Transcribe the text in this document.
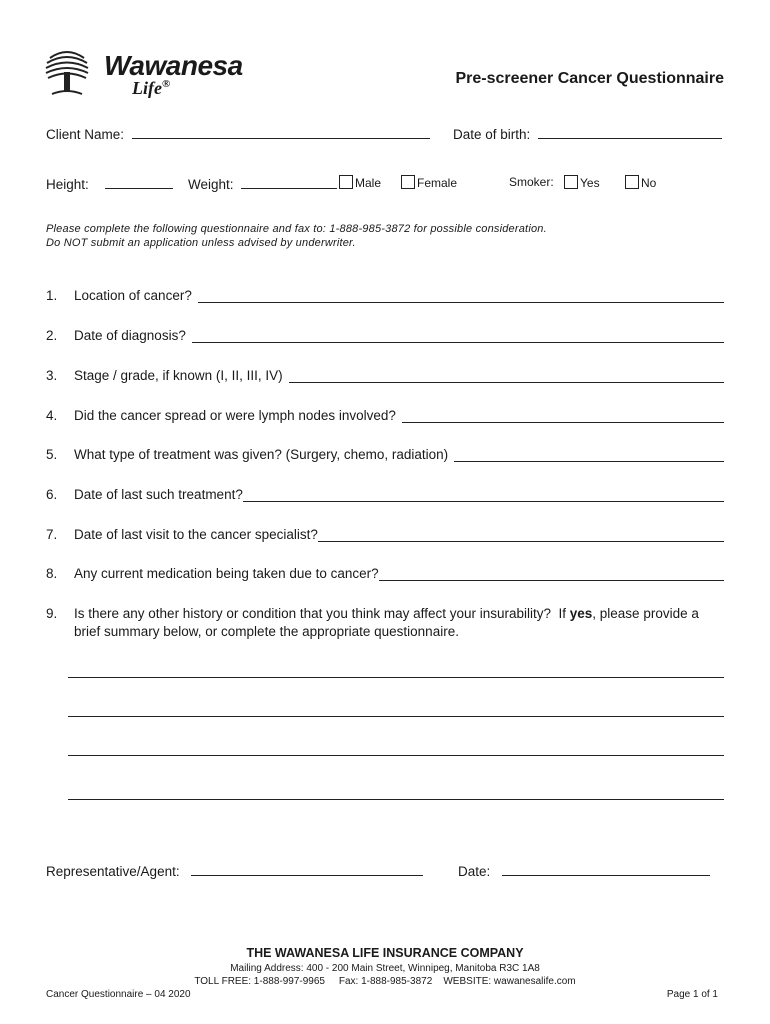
Wawanesa
Life®	Pre-screener Cancer Questionnaire
Client Name:	Date of birth:
Height:	Weight:	Male	Female	Smoker:	Yes	No
Please complete the following questionnaire and fax to: 1-888-985-3872 for possible consideration.
Do NOT submit an application unless advised by underwriter.
1.	Location of cancer?
2.	Date of diagnosis?
3.	Stage / grade, if known (I, II, III, IV)
4.	Did the cancer spread or were lymph nodes involved?
5.	What type of treatment was given? (Surgery, chemo, radiation)
6.	Date of last such treatment?
7.	Date of last visit to the cancer specialist?
8.	Any current medication being taken due to cancer?
9. Is there any other history or condition that you think may affect your insurability?  If yes, please provide a
brief summary below, or complete the appropriate questionnaire.
Representative/Agent:	Date:
THE WAWANESA LIFE INSURANCE COMPANY
Mailing Address: 400 - 200 Main Street, Winnipeg, Manitoba R3C 1A8
TOLL FREE: 1-888-997-9965     Fax: 1-888-985-3872    WEBSITE: wawanesalife.com
Cancer Questionnaire – 04 2020	Page 1 of 1
